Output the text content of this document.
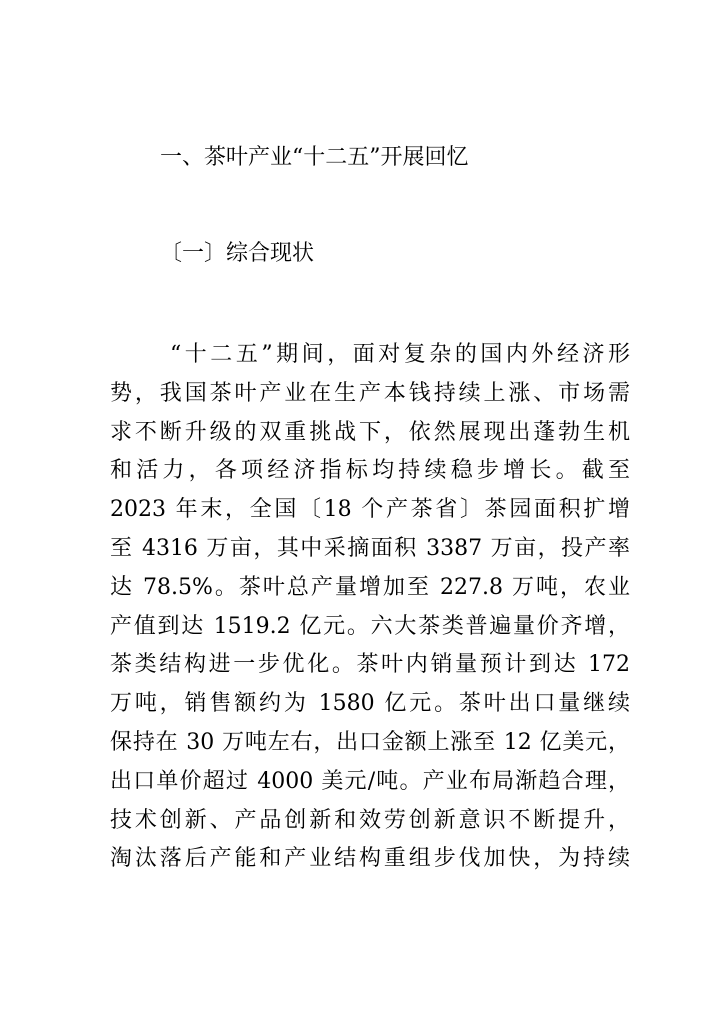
一、茶叶产业“十二五”开展回忆
〔一〕综合现状
“十二五”期间，面对复杂的国内外经济形
势，我国茶叶产业在生产本钱持续上涨、市场需
求不断升级的双重挑战下，依然展现出蓬勃生机
和活力，各项经济指标均持续稳步增长。截至
2023 年末，全国〔18 个产茶省〕茶园面积扩增
至 4316 万亩，其中采摘面积 3387 万亩，投产率
达 78.5%。茶叶总产量增加至 227.8 万吨，农业
产值到达 1519.2 亿元。六大茶类普遍量价齐增，
茶类结构进一步优化。茶叶内销量预计到达 172
万吨，销售额约为 1580 亿元。茶叶出口量继续
保持在 30 万吨左右，出口金额上涨至 12 亿美元，
出口单价超过 4000 美元/吨。产业布局渐趋合理，
技术创新、产品创新和效劳创新意识不断提升，
淘汰落后产能和产业结构重组步伐加快，为持续
